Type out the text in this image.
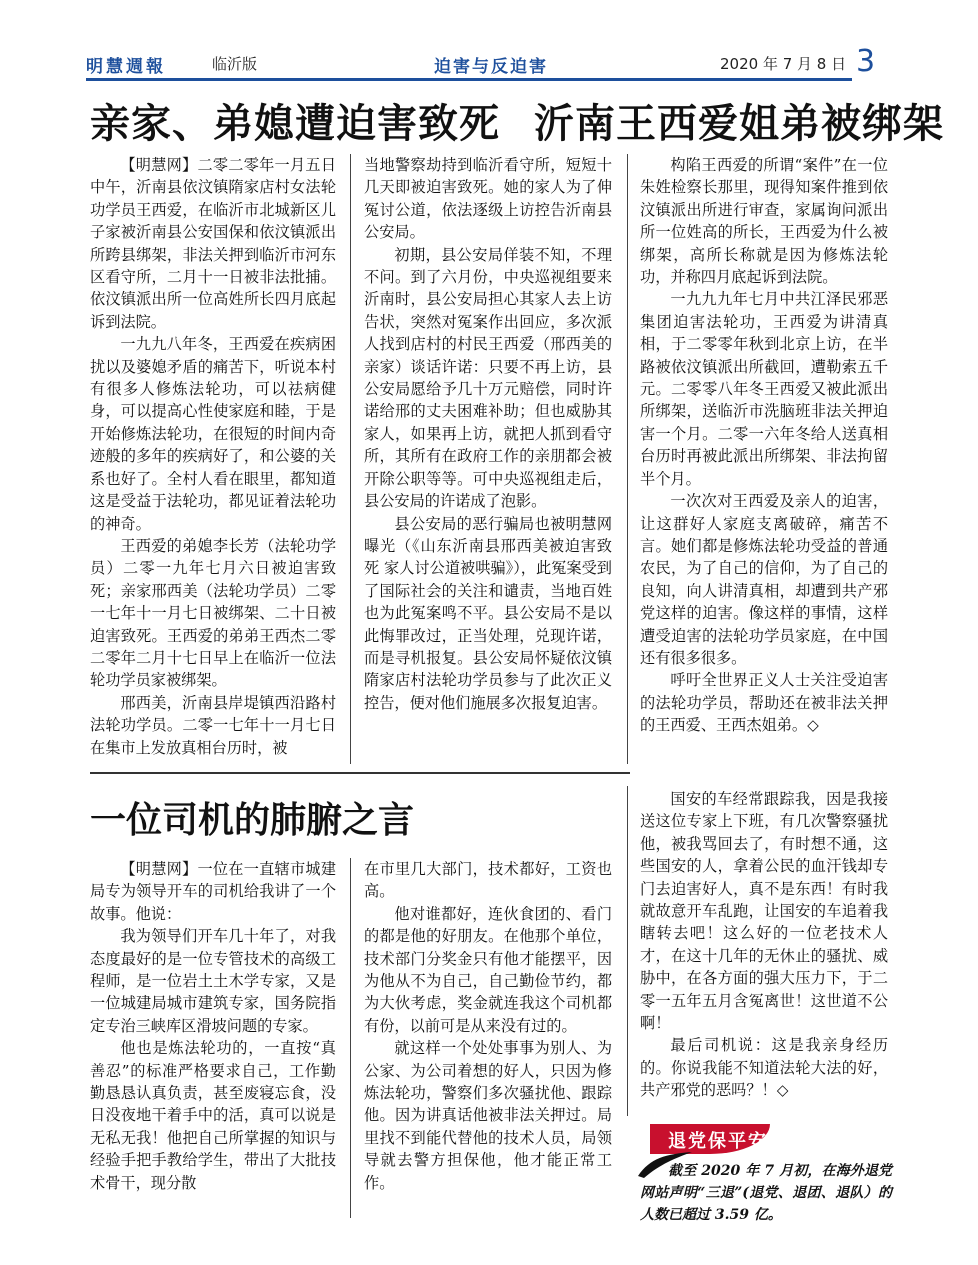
明慧週報	临沂版	迫害与反迫害	2020 年 7 月 8 日 3
亲家、弟媳遭迫害致死 沂南王西爱姐弟被绑架

【明慧网】二零二零年一月五日中午，沂南县依汶镇隋家店村女法轮功学员王西爱，在临沂市北城新区儿子家被沂南县公安国保和依汶镇派出所跨县绑架，非法关押到临沂市河东区看守所，二月十一日被非法批捕。依汶镇派出所一位高姓所长四月底起诉到法院。

一九九八年冬，王西爱在疾病困扰以及婆媳矛盾的痛苦下，听说本村有很多人修炼法轮功，可以祛病健身，可以提高心性使家庭和睦，于是开始修炼法轮功，在很短的时间内奇迹般的多年的疾病好了，和公婆的关系也好了。全村人看在眼里，都知道这是受益于法轮功，都见证着法轮功的神奇。

王西爱的弟媳李长芳（法轮功学员）二零一九年七月六日被迫害致死；亲家邢西美（法轮功学员）二零一七年十一月七日被绑架、二十日被迫害致死。王西爱的弟弟王西杰二零二零年二月十七日早上在临沂一位法轮功学员家被绑架。

邢西美，沂南县岸堤镇西沿路村法轮功学员。二零一七年十一月七日在集市上发放真相台历时，被

当地警察劫持到临沂看守所，短短十几天即被迫害致死。她的家人为了伸冤讨公道，依法逐级上访控告沂南县公安局。

初期，县公安局佯装不知，不理不问。到了六月份，中央巡视组要来沂南时，县公安局担心其家人去上访告状，突然对冤案作出回应，多次派人找到店村的村民王西爱（邢西美的亲家）谈话许诺：只要不再上访，县公安局愿给予几十万元赔偿，同时许诺给邢的丈夫困难补助；但也威胁其家人，如果再上访，就把人抓到看守所，其所有在政府工作的亲朋都会被开除公职等等。可中央巡视组走后，县公安局的许诺成了泡影。

县公安局的恶行骗局也被明慧网曝光（《山东沂南县邢西美被迫害致死 家人讨公道被哄骗》），此冤案受到了国际社会的关注和谴责，当地百姓也为此冤案鸣不平。县公安局不是以此悔罪改过，正当处理，兑现许诺，而是寻机报复。县公安局怀疑依汶镇隋家店村法轮功学员参与了此次正义控告，便对他们施展多次报复迫害。

构陷王西爱的所谓“案件”在一位朱姓检察长那里，现得知案件推到依汶镇派出所进行审查，家属询问派出所一位姓高的所长，王西爱为什么被绑架，高所长称就是因为修炼法轮功，并称四月底起诉到法院。

一九九九年七月中共江泽民邪恶集团迫害法轮功，王西爱为讲清真相，于二零零年秋到北京上访，在半路被依汶镇派出所截回，遭勒索五千元。二零零八年冬王西爱又被此派出所绑架，送临沂市洗脑班非法关押迫害一个月。二零一六年冬给人送真相台历时再被此派出所绑架、非法拘留半个月。

一次次对王西爱及亲人的迫害，让这群好人家庭支离破碎，痛苦不言。她们都是修炼法轮功受益的普通农民，为了自己的信仰，为了自己的良知，向人讲清真相，却遭到共产邪党这样的迫害。像这样的事情，这样遭受迫害的法轮功学员家庭，在中国还有很多很多。

呼吁全世界正义人士关注受迫害的法轮功学员，帮助还在被非法关押的王西爱、王西杰姐弟。◇

一位司机的肺腑之言

【明慧网】一位在一直辖市城建局专为领导开车的司机给我讲了一个故事。他说：

我为领导们开车几十年了，对我态度最好的是一位专管技术的高级工程师，是一位岩土土木学专家，又是一位城建局城市建筑专家，国务院指定专治三峡库区滑坡问题的专家。

他也是炼法轮功的，一直按“真善忍”的标准严格要求自己，工作勤勤恳恳认真负责，甚至废寝忘食，没日没夜地干着手中的活，真可以说是无私无我！他把自己所掌握的知识与经验手把手教给学生，带出了大批技术骨干，现分散

在市里几大部门，技术都好，工资也高。

他对谁都好，连伙食团的、看门的都是他的好朋友。在他那个单位，技术部门分奖金只有他才能摆平，因为他从不为自己，自己勤俭节约，都为大伙考虑，奖金就连我这个司机都有份，以前可是从来没有过的。

就这样一个处处事事为别人、为公家、为公司着想的好人，只因为修炼法轮功，警察们多次骚扰他、跟踪他。因为讲真话他被非法关押过。局里找不到能代替他的技术人员，局领导就去警方担保他，他才能正常工作。

国安的车经常跟踪我，因是我接送这位专家上下班，有几次警察骚扰他，被我骂回去了，有时想不通，这些国安的人，拿着公民的血汗钱却专门去迫害好人，真不是东西！有时我就故意开车乱跑，让国安的车追着我瞎转去吧！这么好的一位老技术人才，在这十几年的无休止的骚扰、威胁中，在各方面的强大压力下，于二零一五年五月含冤离世！这世道不公啊！

最后司机说：这是我亲身经历的。你说我能不知道法轮大法的好，共产邪党的恶吗？！◇

退党保平安

截至 2020 年 7 月初，在海外退党网站声明“三退”(退党、退团、退队）的人数已超过 3.59 亿。
